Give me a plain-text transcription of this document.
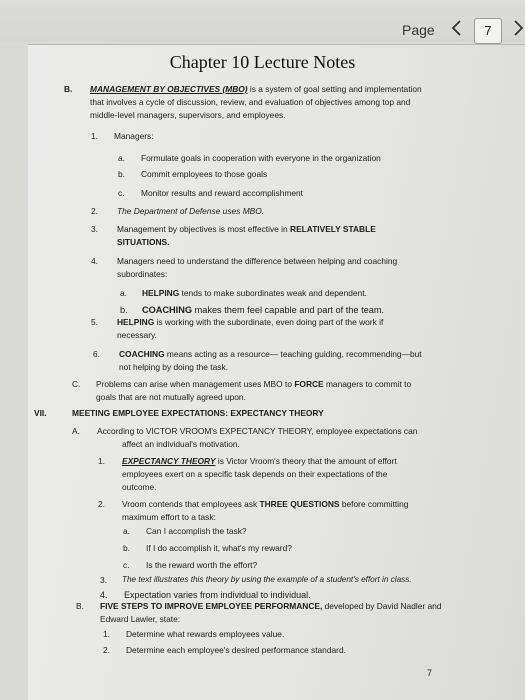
Page	7
Chapter 10 Lecture Notes
B. MANAGEMENT BY OBJECTIVES (MBO) is a system of goal setting and implementation
that involves a cycle of discussion, review, and evaluation of objectives among top and
middle-level managers, supervisors, and employees.
1. Managers:
a. Formulate goals in cooperation with everyone in the organization
b. Commit employees to those goals
c. Monitor results and reward accomplishment
2. The Department of Defense uses MBO.
3. Management by objectives is most effective in RELATIVELY STABLE
SITUATIONS.
4. Managers need to understand the difference between helping and coaching
subordinates:
a. HELPING tends to make subordinates weak and dependent.
b. COACHING makes them feel capable and part of the team.
5. HELPING is working with the subordinate, even doing part of the work if
necessary.
6. COACHING means acting as a resource— teaching guiding, recommending—but
not helping by doing the task.
C. Problems can arise when management uses MBO to FORCE managers to commit to
goals that are not mutually agreed upon.
VII.	MEETING EMPLOYEE EXPECTATIONS: EXPECTANCY THEORY
A. According to VICTOR VROOM's EXPECTANCY THEORY, employee expectations can
affect an individual's motivation.
1. EXPECTANCY THEORY is Victor Vroom's theory that the amount of effort
employees exert on a specific task depends on their expectations of the
outcome.
2. Vroom contends that employees ask THREE QUESTIONS before committing
maximum effort to a task:
a. Can I accomplish the task?
b. If I do accomplish it, what's my reward?
c. Is the reward worth the effort?
3. The text illustrates this theory by using the example of a student's effort in class.
4. Expectation varies from individual to individual.
B. FIVE STEPS TO IMPROVE EMPLOYEE PERFORMANCE, developed by David Nadler and
Edward Lawler, state:
1. Determine what rewards employees value.
2. Determine each employee's desired performance standard.
7
